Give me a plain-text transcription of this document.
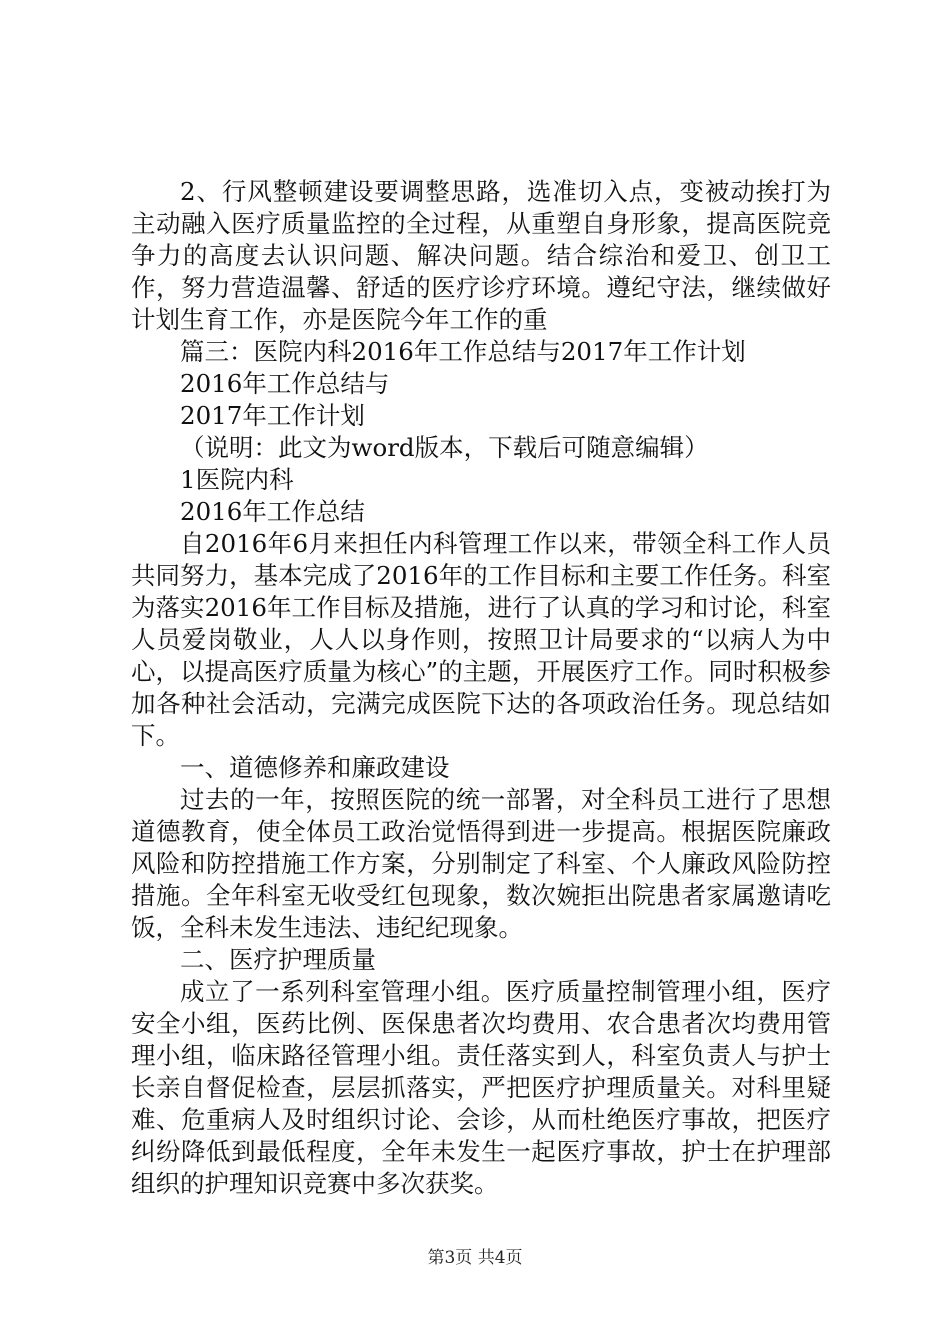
2、行风整顿建设要调整思路，选准切入点，变被动挨打为主动融入医疗质量监控的全过程，从重塑自身形象，提高医院竞争力的高度去认识问题、解决问题。结合综治和爱卫、创卫工作，努力营造温馨、舒适的医疗诊疗环境。遵纪守法，继续做好计划生育工作，亦是医院今年工作的重

篇三：医院内科2016年工作总结与2017年工作计划

2016年工作总结与

2017年工作计划

（说明：此文为word版本，下载后可随意编辑）

1医院内科

2016年工作总结

自2016年6月来担任内科管理工作以来，带领全科工作人员共同努力，基本完成了2016年的工作目标和主要工作任务。科室为落实2016年工作目标及措施，进行了认真的学习和讨论，科室人员爱岗敬业，人人以身作则，按照卫计局要求的“以病人为中心，以提高医疗质量为核心”的主题，开展医疗工作。同时积极参加各种社会活动，完满完成医院下达的各项政治任务。现总结如下。

一、道德修养和廉政建设

过去的一年，按照医院的统一部署，对全科员工进行了思想道德教育，使全体员工政治觉悟得到进一步提高。根据医院廉政风险和防控措施工作方案，分别制定了科室、个人廉政风险防控措施。全年科室无收受红包现象，数次婉拒出院患者家属邀请吃饭，全科未发生违法、违纪纪现象。

二、医疗护理质量

成立了一系列科室管理小组。医疗质量控制管理小组，医疗安全小组，医药比例、医保患者次均费用、农合患者次均费用管理小组，临床路径管理小组。责任落实到人，科室负责人与护士长亲自督促检查，层层抓落实，严把医疗护理质量关。对科里疑难、危重病人及时组织讨论、会诊，从而杜绝医疗事故，把医疗纠纷降低到最低程度，全年未发生一起医疗事故，护士在护理部组织的护理知识竞赛中多次获奖。

第3页 共4页
